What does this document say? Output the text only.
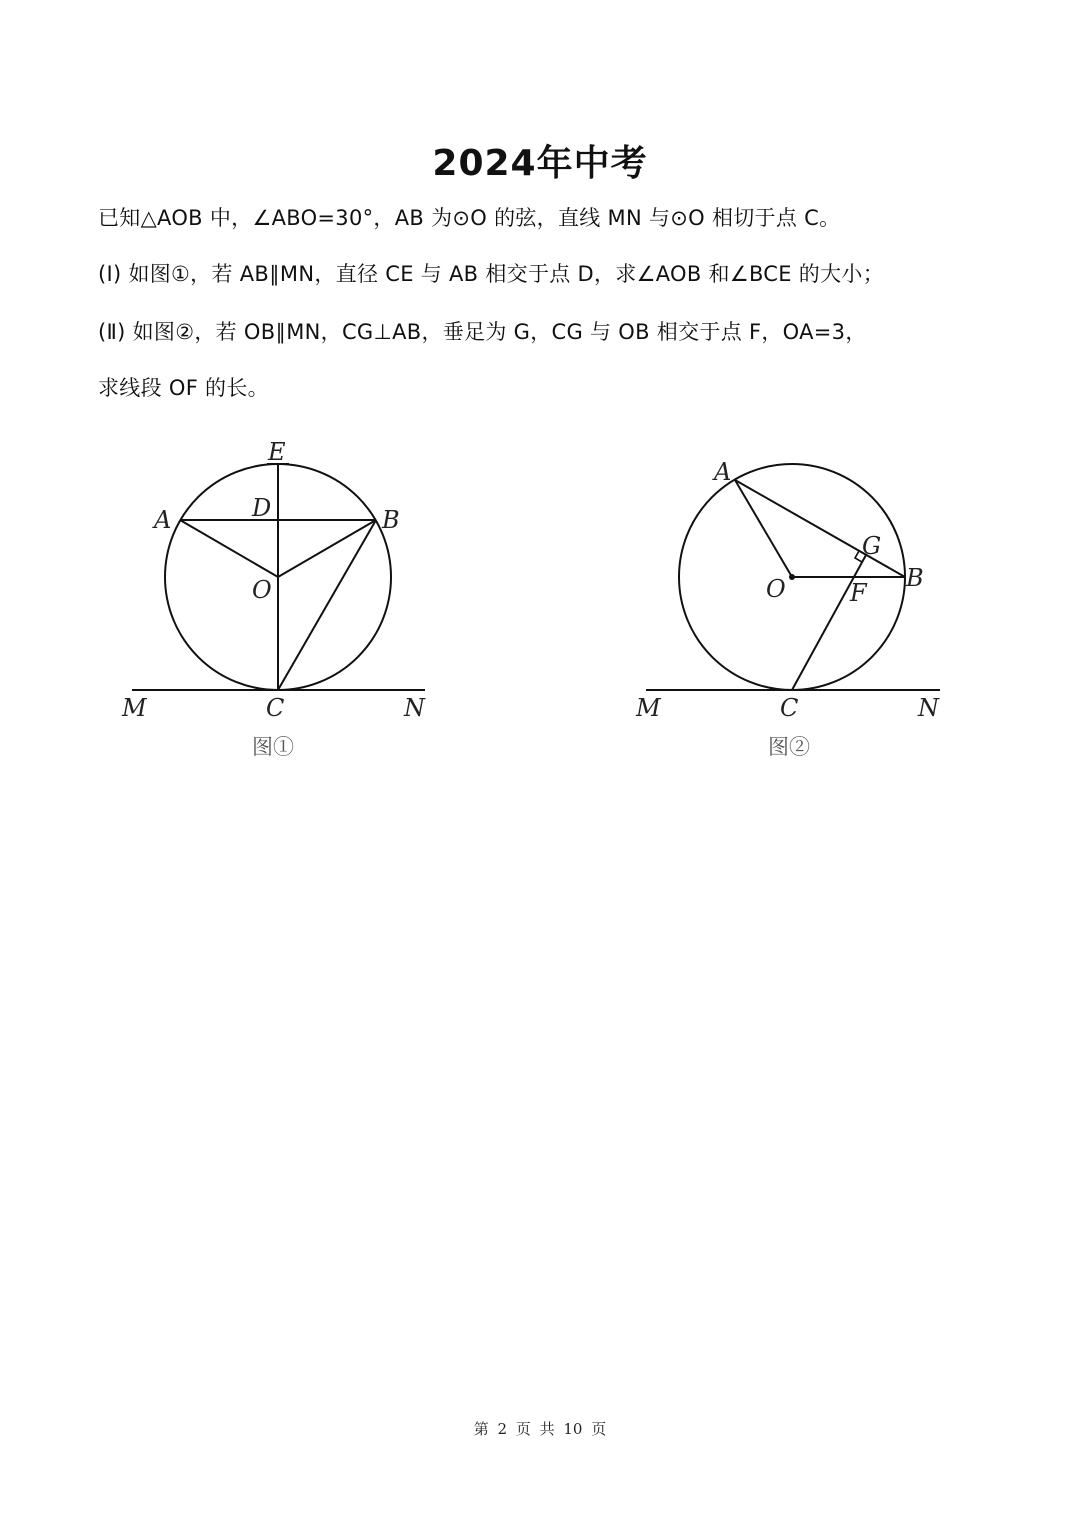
2024年中考
已知△AOB 中，∠ABO=30°，AB 为⊙O 的弦，直线 MN 与⊙O 相切于点 C。
(Ⅰ) 如图①，若 AB∥MN，直径 CE 与 AB 相交于点 D，求∠AOB 和∠BCE 的大小；
(Ⅱ) 如图②，若 OB∥MN，CG⊥AB，垂足为 G，CG 与 OB 相交于点 F，OA=3，
求线段 OF 的长。
E
D
A	B
O
M	C	N
图①
A
G
O	F
B
M	C	N
图②
第 2 页 共 10 页
